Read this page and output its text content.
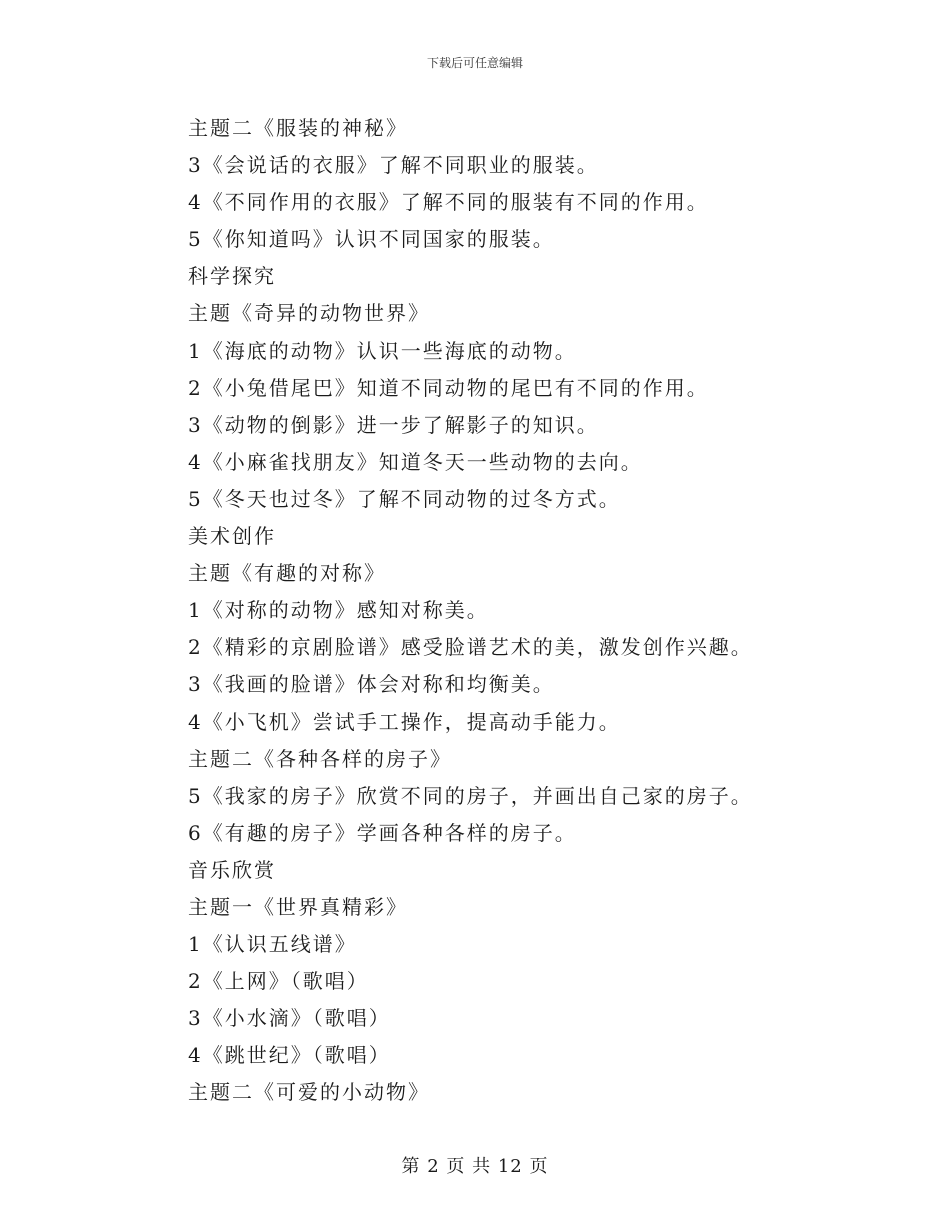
下载后可任意编辑
主题二《服装的神秘》
3《会说话的衣服》了解不同职业的服装。
4《不同作用的衣服》了解不同的服装有不同的作用。
5《你知道吗》认识不同国家的服装。
科学探究
主题《奇异的动物世界》
1《海底的动物》认识一些海底的动物。
2《小兔借尾巴》知道不同动物的尾巴有不同的作用。
3《动物的倒影》进一步了解影子的知识。
4《小麻雀找朋友》知道冬天一些动物的去向。
5《冬天也过冬》了解不同动物的过冬方式。
美术创作
主题《有趣的对称》
1《对称的动物》感知对称美。
2《精彩的京剧脸谱》感受脸谱艺术的美，激发创作兴趣。
3《我画的脸谱》体会对称和均衡美。
4《小飞机》尝试手工操作，提高动手能力。
主题二《各种各样的房子》
5《我家的房子》欣赏不同的房子，并画出自己家的房子。
6《有趣的房子》学画各种各样的房子。
音乐欣赏
主题一《世界真精彩》
1《认识五线谱》
2《上网》（歌唱）
3《小水滴》（歌唱）
4《跳世纪》（歌唱）
主题二《可爱的小动物》
第 2 页 共 12 页
